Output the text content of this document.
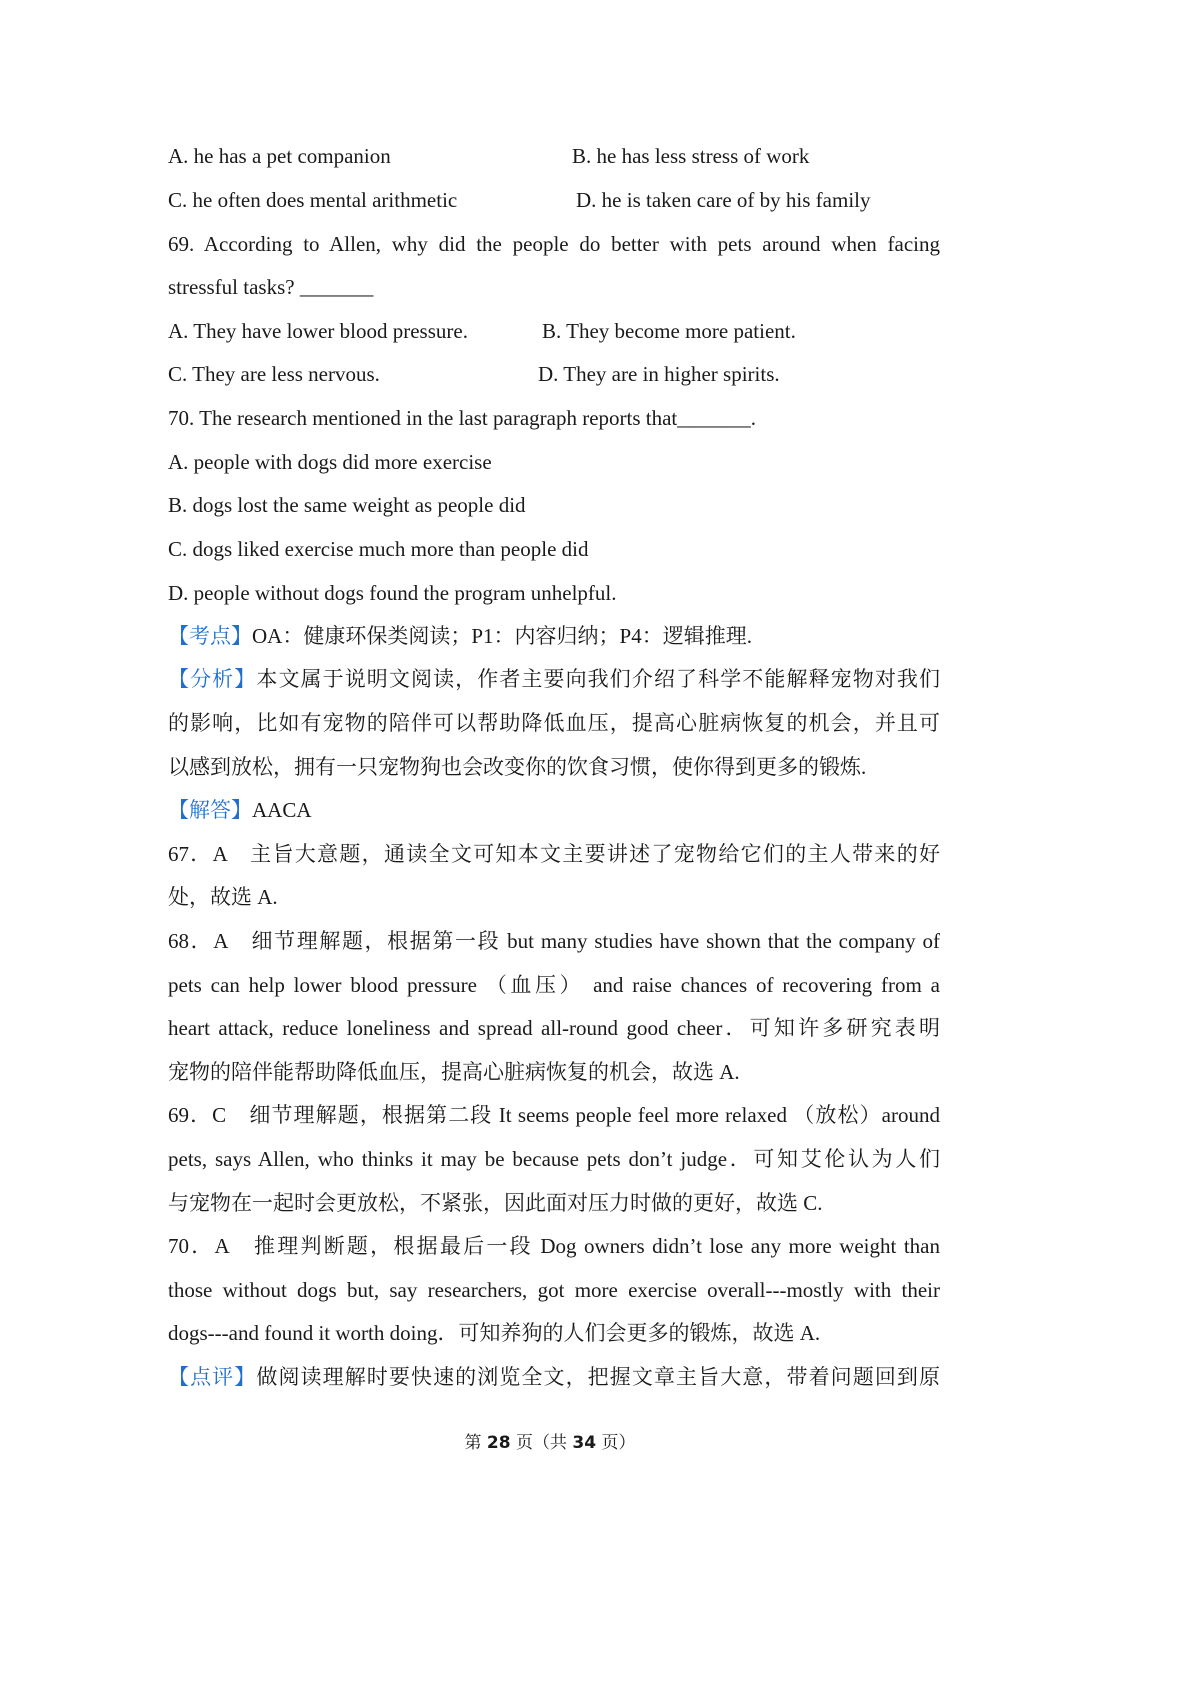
A. he has a pet companion	B. he has less stress of work
C. he often does mental arithmetic	D. he is taken care of by his family
69. According to Allen, why did the people do better with pets around when facing
stressful tasks? _______
A. They have lower blood pressure.	B. They become more patient.
C. They are less nervous.	D. They are in higher spirits.
70. The research mentioned in the last paragraph reports that_______.
A. people with dogs did more exercise
B. dogs lost the same weight as people did
C. dogs liked exercise much more than people did
D. people without dogs found the program unhelpful.
【考点】OA：健康环保类阅读；P1：内容归纳；P4：逻辑推理.
【分析】本文属于说明文阅读，作者主要向我们介绍了科学不能解释宠物对我们
的影响，比如有宠物的陪伴可以帮助降低血压，提高心脏病恢复的机会，并且可
以感到放松，拥有一只宠物狗也会改变你的饮食习惯，使你得到更多的锻炼.
【解答】AACA
67．A　主旨大意题，通读全文可知本文主要讲述了宠物给它们的主人带来的好
处，故选 A.
68．A　细节理解题，根据第一段 but many studies have shown that the company of
pets can help lower blood pressure （血压） and raise chances of recovering from a
heart attack, reduce loneliness and spread all-round good cheer．可知许多研究表明
宠物的陪伴能帮助降低血压，提高心脏病恢复的机会，故选 A.
69．C　细节理解题，根据第二段 It seems people feel more relaxed （放松）around
pets, says Allen, who thinks it may be because pets don’t judge．可知艾伦认为人们
与宠物在一起时会更放松，不紧张，因此面对压力时做的更好，故选 C.
70．A　推理判断题，根据最后一段 Dog owners didn’t lose any more weight than
those without dogs but, say researchers, got more exercise overall---mostly with their
dogs---and found it worth doing．可知养狗的人们会更多的锻炼，故选 A.
【点评】做阅读理解时要快速的浏览全文，把握文章主旨大意，带着问题回到原
第 28 页（共 34 页）
